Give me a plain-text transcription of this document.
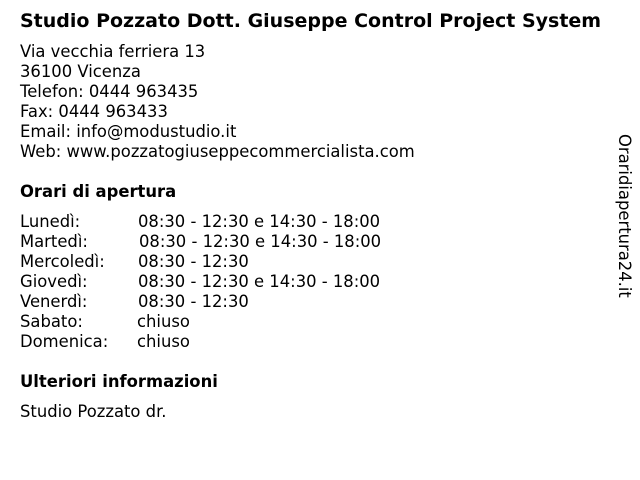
Studio Pozzato Dott. Giuseppe Control Project System
Via vecchia ferriera 13
36100 Vicenza
Telefon: 0444 963435
Fax: 0444 963433
Email: info@modustudio.it
Web: www.pozzatogiuseppecommercialista.com
Orari di apertura
Lunedì:	08:30 - 12:30 e 14:30 - 18:00
Martedì:	08:30 - 12:30 e 14:30 - 18:00
Mercoledì:	08:30 - 12:30
Giovedì:	08:30 - 12:30 e 14:30 - 18:00
Venerdì:	08:30 - 12:30
Sabato:	chiuso
Domenica:	chiuso
Ulteriori informazioni
Studio Pozzato dr.
Oraridiapertura24.it
